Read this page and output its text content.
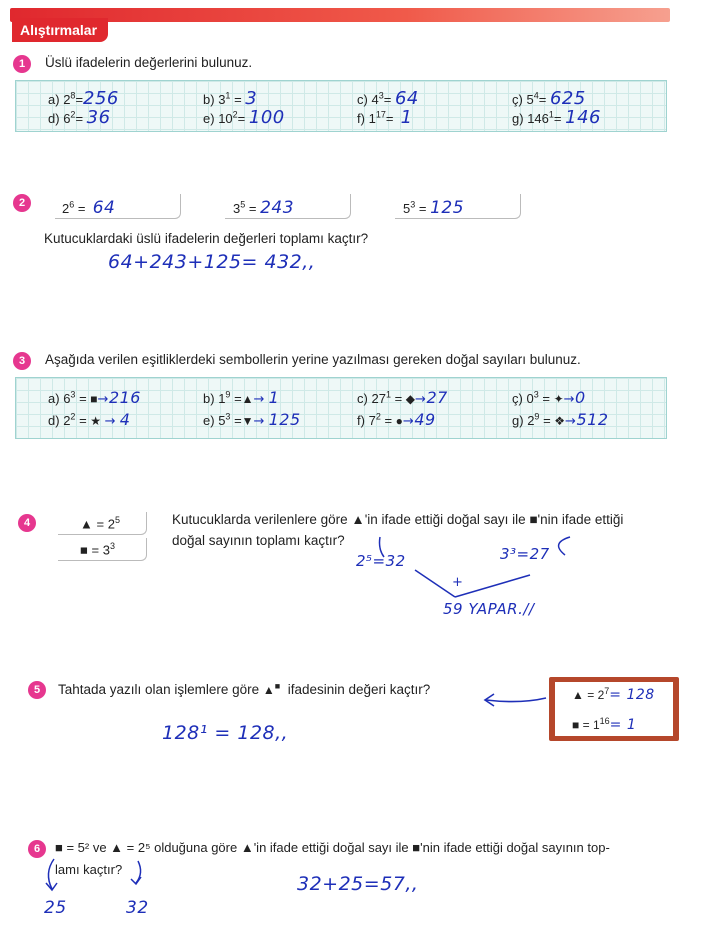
Alıştırmalar
1	Üslü ifadelerin değerlerini bulunuz.
a) $2^8=256$	b) $3^1 = 3$	c) $4^3= 64$	ç) $5^4= 625$
d) $6^2= 36$	e) $10^2= 100$	f) $1^{17}= 1$	g) $146^1= 146$
2	$2^6 = 64$	$3^5 = 243$	$5^3 = 125$
Kutucuklardaki üslü ifadelerin değerleri toplamı kaçtır?
64+243+125= 432,,
3	Aşağıda verilen eşitliklerdeki sembollerin yerine yazılması gereken doğal sayıları bulunuz.
a) $6^3$ = ■→216	b) $1^9$ =▲→ 1	c) $27^1$ = ◆→27	ç) $0^3$ = ✦→0
d) $2^2$ = ★ → 4	e) $5^3$ =▼→ 125	f) $7^2$ = ●→49	g) $2^9$ = ❖→512
4	▲ = $2^5$
■ = $3^3$
Kutucuklarda verilenlere göre ▲'in ifade ettiği doğal sayı ile ■'nin ifade ettiği
doğal sayının toplamı kaçtır?
2⁵=32	3³=27
+
59 YAPAR.//
5	Tahtada yazılı olan işlemlere göre ▲■ ifadesinin değeri kaçtır?	▲ = $2^7= 128$
■ = $1^{16}= 1$
128¹ = 128,,
6	■ = 5² ve ▲ = 2⁵ olduğuna göre ▲'in ifade ettiği doğal sayı ile ■'nin ifade ettiği doğal sayının top-
lamı kaçtır?
32+25=57,,
25	32
